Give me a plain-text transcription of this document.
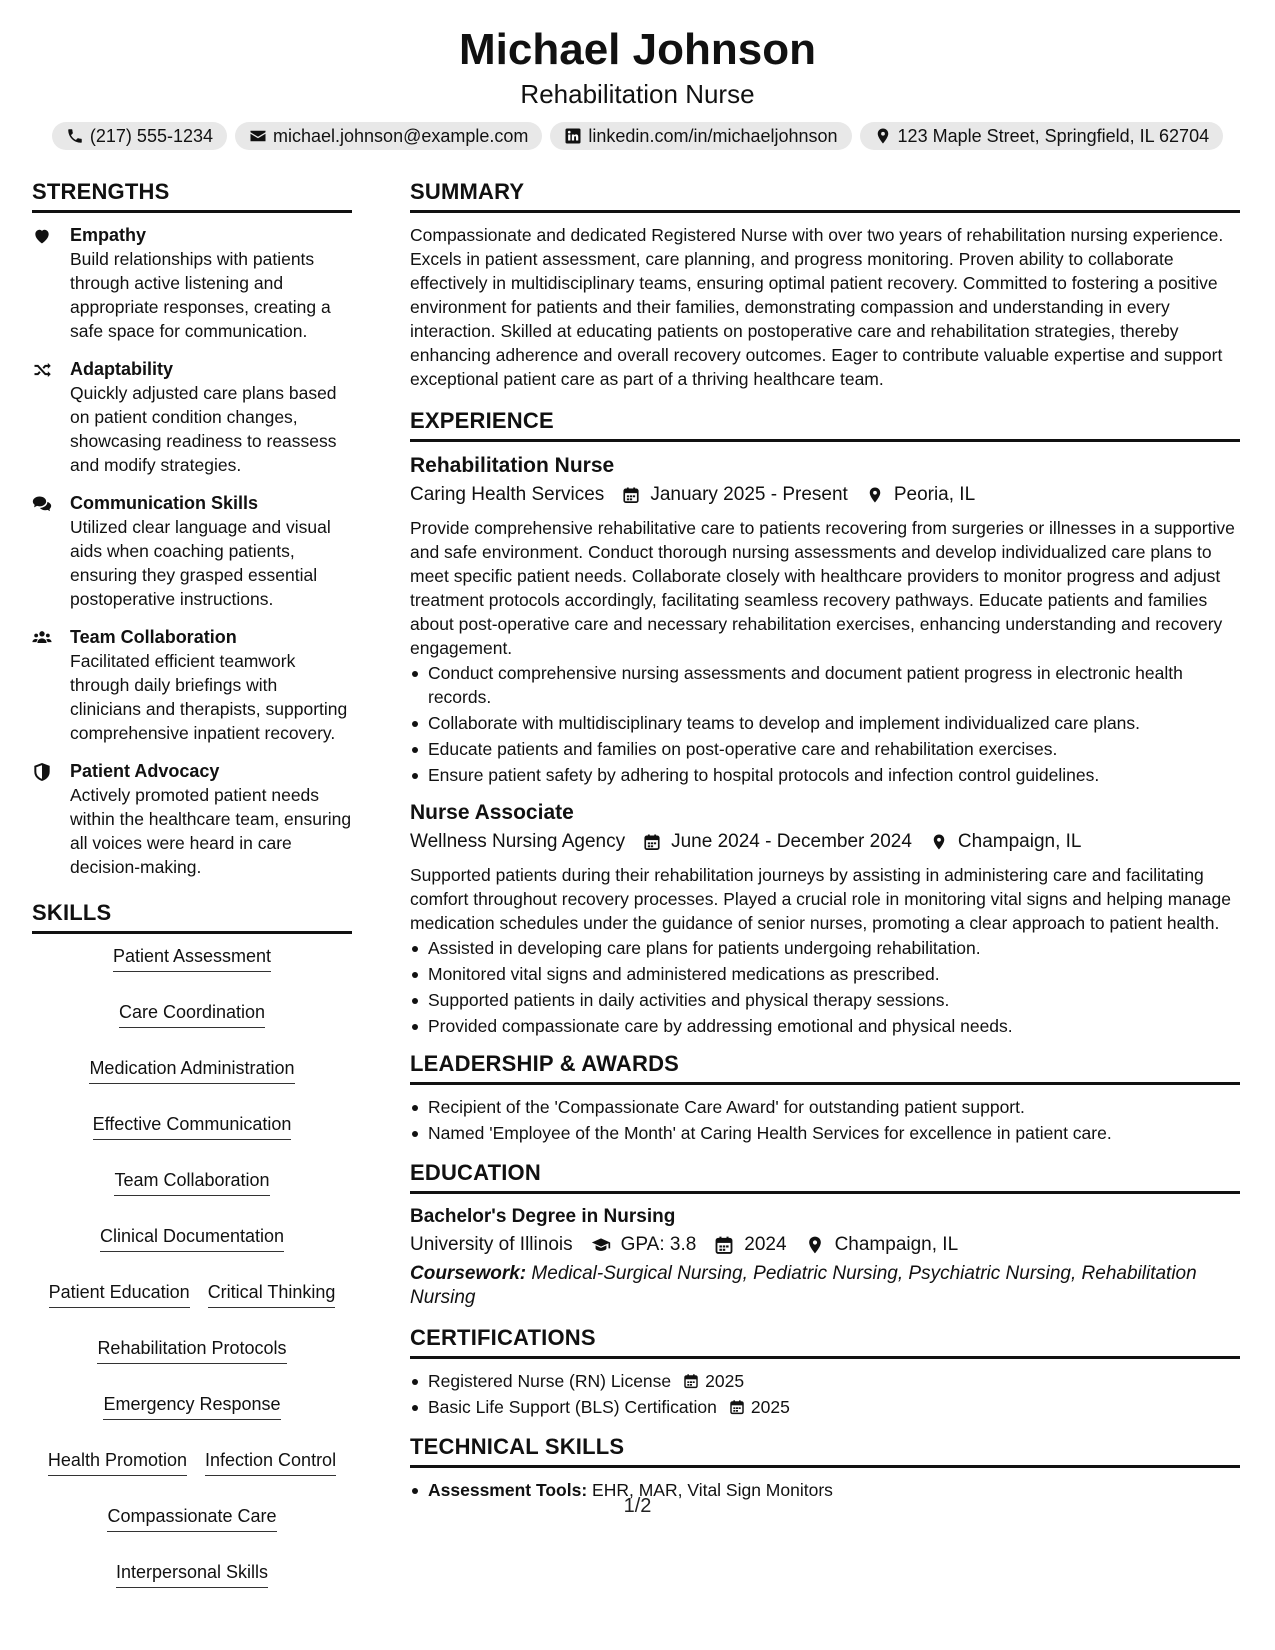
Michael Johnson
Rehabilitation Nurse
(217) 555-1234	michael.johnson@example.com	linkedin.com/in/michaeljohnson	123 Maple Street, Springfield, IL 62704
STRENGTHS
Empathy
Build relationships with patients through active listening and appropriate responses, creating a safe space for communication.
Adaptability
Quickly adjusted care plans based on patient condition changes, showcasing readiness to reassess and modify strategies.
Communication Skills
Utilized clear language and visual aids when coaching patients, ensuring they grasped essential postoperative instructions.
Team Collaboration
Facilitated efficient teamwork through daily briefings with clinicians and therapists, supporting comprehensive inpatient recovery.
Patient Advocacy
Actively promoted patient needs within the healthcare team, ensuring all voices were heard in care decision-making.
SKILLS
Patient Assessment
Care Coordination
Medication Administration
Effective Communication
Team Collaboration
Clinical Documentation
Patient Education Critical Thinking
Rehabilitation Protocols
Emergency Response
Health Promotion Infection Control
Compassionate Care
Interpersonal Skills
SUMMARY
Compassionate and dedicated Registered Nurse with over two years of rehabilitation nursing experience. Excels in patient assessment, care planning, and progress monitoring. Proven ability to collaborate effectively in multidisciplinary teams, ensuring optimal patient recovery. Committed to fostering a positive environment for patients and their families, demonstrating compassion and understanding in every interaction. Skilled at educating patients on postoperative care and rehabilitation strategies, thereby enhancing adherence and overall recovery outcomes. Eager to contribute valuable expertise and support exceptional patient care as part of a thriving healthcare team.
EXPERIENCE
Rehabilitation Nurse
Caring Health Services January 2025 - Present Peoria, IL
Provide comprehensive rehabilitative care to patients recovering from surgeries or illnesses in a supportive and safe environment. Conduct thorough nursing assessments and develop individualized care plans to meet specific patient needs. Collaborate closely with healthcare providers to monitor progress and adjust treatment protocols accordingly, facilitating seamless recovery pathways. Educate patients and families about post-operative care and necessary rehabilitation exercises, enhancing understanding and recovery engagement.
Conduct comprehensive nursing assessments and document patient progress in electronic health records.
Collaborate with multidisciplinary teams to develop and implement individualized care plans.
Educate patients and families on post-operative care and rehabilitation exercises.
Ensure patient safety by adhering to hospital protocols and infection control guidelines.
Nurse Associate
Wellness Nursing Agency June 2024 - December 2024 Champaign, IL
Supported patients during their rehabilitation journeys by assisting in administering care and facilitating comfort throughout recovery processes. Played a crucial role in monitoring vital signs and helping manage medication schedules under the guidance of senior nurses, promoting a clear approach to patient health.
Assisted in developing care plans for patients undergoing rehabilitation.
Monitored vital signs and administered medications as prescribed.
Supported patients in daily activities and physical therapy sessions.
Provided compassionate care by addressing emotional and physical needs.
LEADERSHIP & AWARDS
Recipient of the 'Compassionate Care Award' for outstanding patient support.
Named 'Employee of the Month' at Caring Health Services for excellence in patient care.
EDUCATION
Bachelor's Degree in Nursing
University of Illinois	GPA: 3.8	2024	Champaign, IL
Coursework: Medical-Surgical Nursing, Pediatric Nursing, Psychiatric Nursing, Rehabilitation Nursing
CERTIFICATIONS
Registered Nurse (RN) License 2025
Basic Life Support (BLS) Certification 2025
TECHNICAL SKILLS
Assessment Tools: EHR, MAR, Vital Sign Monitors
1/2
